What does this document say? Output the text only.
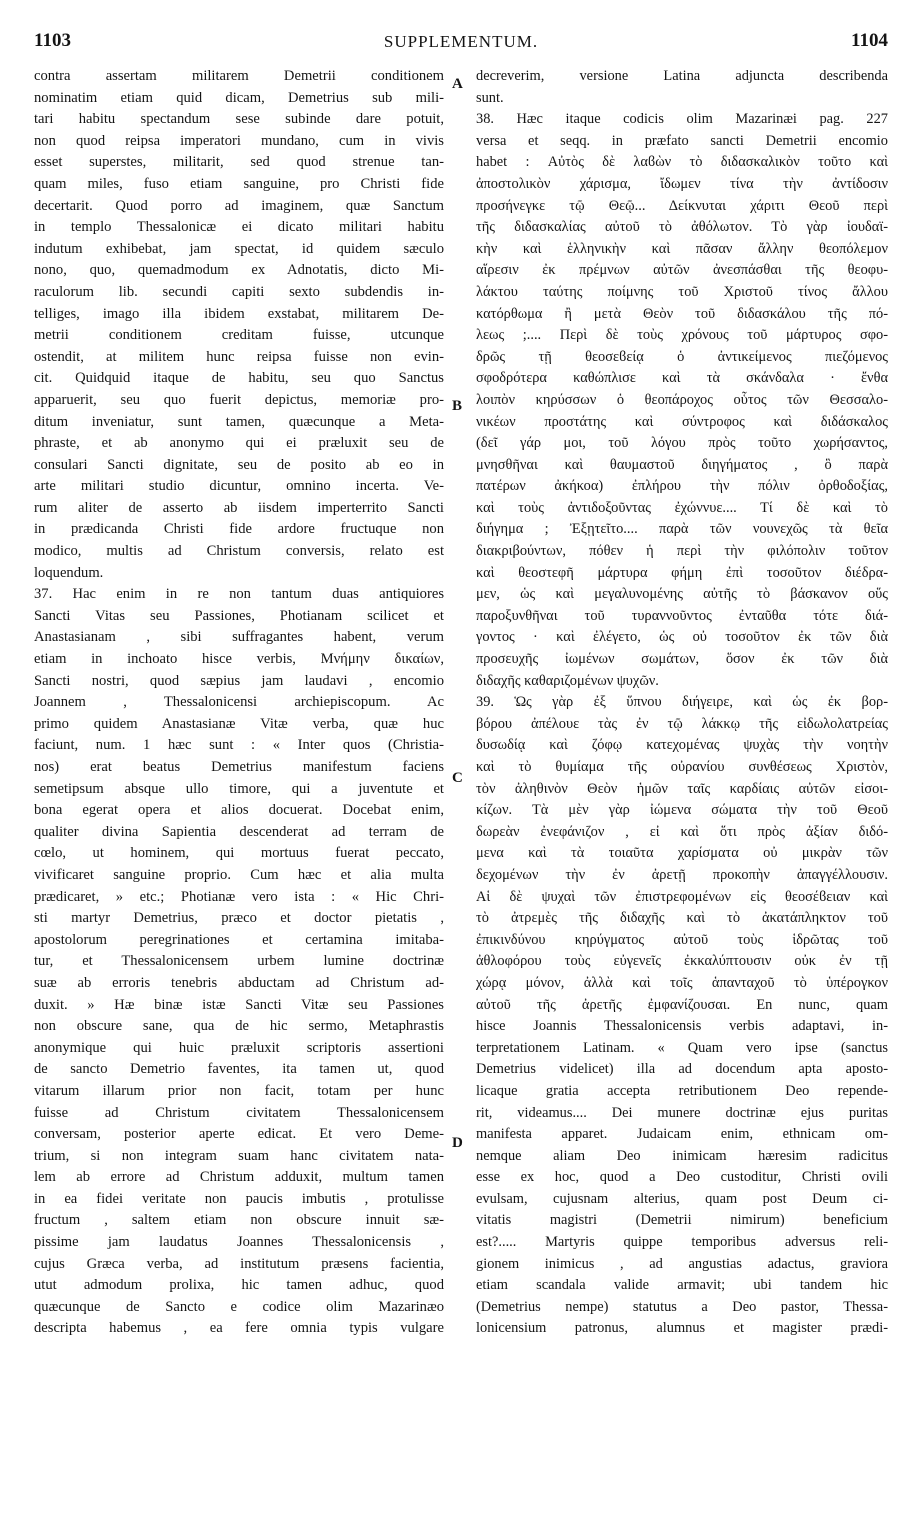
1103	SUPPLEMENTUM.	1104
contra assertam militarem Demetrii conditionem
nominatim etiam quid dicam, Demetrius sub mili-
tari habitu spectandum sese subinde dare potuit,
non quod reipsa imperatori mundano, cum in vivis
esset superstes, militarit, sed quod strenue tan-
quam miles, fuso etiam sanguine, pro Christi fide
decertarit. Quod porro ad imaginem, quæ Sanctum
in templo Thessalonicæ ei dicato militari habitu
indutum exhibebat, jam spectat, id quidem sæculo
nono, quo, quemadmodum ex Adnotatis, dicto Mi-
raculorum lib. secundi capiti sexto subdendis in-
telliges, imago illa ibidem exstabat, militarem De-
metrii conditionem creditam fuisse, utcunque
ostendit, at militem hunc reipsa fuisse non evin-
cit. Quidquid itaque de habitu, seu quo Sanctus
apparuerit, seu quo fuerit depictus, memoriæ pro-
ditum inveniatur, sunt tamen, quæcunque a Meta-
phraste, et ab anonymo qui ei præluxit seu de
consulari Sancti dignitate, seu de posito ab eo in
arte militari studio dicuntur, omnino incerta. Ve-
rum aliter de asserto ab iisdem imperterrito Sancti
in prædicanda Christi fide ardore fructuque non
modico, multis ad Christum conversis, relato est
loquendum.
37. Hac enim in re non tantum duas antiquiores
Sancti Vitas seu Passiones, Photianam scilicet et
Anastasianam , sibi suffragantes habent, verum
etiam in inchoato hisce verbis, Μνήμην δικαίων,
Sancti nostri, quod sæpius jam laudavi , encomio
Joannem , Thessalonicensi archiepiscopum. Ac
primo quidem Anastasianæ Vitæ verba, quæ huc
faciunt, num. 1 hæc sunt : « Inter quos (Christia-
nos) erat beatus Demetrius manifestum faciens
semetipsum absque ullo timore, qui a juventute et
bona egerat opera et alios docuerat. Docebat enim,
qualiter divina Sapientia descenderat ad terram de
cœlo, ut hominem, qui mortuus fuerat peccato,
vivificaret sanguine proprio. Cum hæc et alia multa
prædicaret, » etc.; Photianæ vero ista : « Hic Chri-
sti martyr Demetrius, præco et doctor pietatis ,
apostolorum peregrinationes et certamina imitaba-
tur, et Thessalonicensem urbem lumine doctrinæ
suæ ab erroris tenebris abductam ad Christum ad-
duxit. » Hæ binæ istæ Sancti Vitæ seu Passiones
non obscure sane, qua de hic sermo, Metaphrastis
anonymique qui huic præluxit scriptoris assertioni
de sancto Demetrio faventes, ita tamen ut, quod
vitarum illarum prior non facit, totam per hunc
fuisse ad Christum civitatem Thessalonicensem
conversam, posterior aperte edicat. Et vero Deme-
trium, si non integram suam hanc civitatem nata-
lem ab errore ad Christum adduxit, multum tamen
in ea fidei veritate non paucis imbutis , protulisse
fructum , saltem etiam non obscure innuit sæ-
pissime jam laudatus Joannes Thessalonicensis ,
cujus Græca verba, ad institutum præsens facientia,
utut admodum prolixa, hic tamen adhuc, quod
quæcunque de Sancto e codice olim Mazarinæo
descripta habemus , ea fere omnia typis vulgare
A
B
C
D
decreverim, versione Latina adjuncta describenda
sunt.
38. Hæc itaque codicis olim Mazarinæi pag. 227
versa et seqq. in præfato sancti Demetrii encomio
habet : Αὐτὸς δὲ λαϐὼν τὸ διδασκαλικὸν τοῦτο καὶ
ἀποστολικὸν χάρισμα, ἴδωμεν τίνα τὴν ἀντίδοσιν
προσήνεγκε τῷ Θεῷ... Δείκνυται χάριτι Θεοῦ περὶ
τῆς διδασκαλίας αὐτοῦ τὸ ἀθόλωτον. Τὸ γὰρ ἰουδαϊ-
κὴν καὶ ἑλληνικὴν καὶ πᾶσαν ἄλλην θεοπόλεμον
αἵρεσιν ἐκ πρέμνων αὐτῶν ἀνεσπάσθαι τῆς θεοφυ-
λάκτου ταύτης ποίμνης τοῦ Χριστοῦ τίνος ἄλλου
κατόρθωμα ἢ μετὰ Θεὸν τοῦ διδασκάλου τῆς πό-
λεως ;.... Περὶ δὲ τοὺς χρόνους τοῦ μάρτυρος σφο-
δρῶς τῇ θεοσεϐείᾳ ὁ ἀντικείμενος πιεζόμενος
σφοδρότερα καθώπλισε καὶ τὰ σκάνδαλα · ἔνθα
λοιπὸν κηρύσσων ὁ θεοπάροχος οὗτος τῶν Θεσσαλο-
νικέων προστάτης καὶ σύντροφος καὶ διδάσκαλος
(δεῖ γάρ μοι, τοῦ λόγου πρὸς τοῦτο χωρήσαντος,
μνησθῆναι καὶ θαυμαστοῦ διηγήματος , ὃ παρὰ
πατέρων ἀκήκοα) ἐπλήρου τὴν πόλιν ὀρθοδοξίας,
καὶ τοὺς ἀντιδοξοῦντας ἐχώννυε.... Τί δὲ καὶ τὸ
διήγημα ; Ἐξῃτεῖτο.... παρὰ τῶν νουνεχῶς τὰ θεῖα
διακριβούντων, πόθεν ἡ περὶ τὴν φιλόπολιν τοῦτον
καὶ θεοστεφῆ μάρτυρα φήμη ἐπὶ τοσοῦτον διέδρα-
μεν, ὡς καὶ μεγαλυνομένης αὐτῆς τὸ βάσκανον οὕς
παροξυνθῆναι τοῦ τυραννοῦντος ἐνταῦθα τότε διά-
γοντος · καὶ ἐλέγετο, ὡς οὐ τοσοῦτον ἐκ τῶν διὰ
προσευχῆς ἰωμένων σωμάτων, ὅσον ἐκ τῶν διὰ
διδαχῆς καθαριζομένων ψυχῶν.
39. Ὡς γὰρ ἐξ ὕπνου διήγειρε, καὶ ὡς ἐκ βορ-
βόρου ἀπέλουε τὰς ἐν τῷ λάκκῳ τῆς εἰδωλολατρείας
δυσωδίᾳ καὶ ζόφῳ κατεχομένας ψυχὰς τὴν νοητὴν
καὶ τὸ θυμίαμα τῆς οὐρανίου συνθέσεως Χριστὸν,
τὸν ἀληθινὸν Θεὸν ἡμῶν ταῖς καρδίαις αὐτῶν εἰσοι-
κίζων. Τὰ μὲν γὰρ ἰώμενα σώματα τὴν τοῦ Θεοῦ
δωρεὰν ἐνεφάνιζον , εἰ καὶ ὅτι πρὸς ἀξίαν διδό-
μενα καὶ τὰ τοιαῦτα χαρίσματα οὐ μικρὰν τῶν
δεχομένων τὴν ἐν ἀρετῇ προκοπὴν ἀπαγγέλλουσιν.
Αἱ δὲ ψυχαὶ τῶν ἐπιστρεφομένων εἰς θεοσέϐειαν καὶ
τὸ ἀτρεμὲς τῆς διδαχῆς καὶ τὸ ἀκατάπληκτον τοῦ
ἐπικινδύνου κηρύγματος αὐτοῦ τοὺς ἱδρῶτας τοῦ
ἀθλοφόρου τοὺς εὐγενεῖς ἐκκαλύπτουσιν οὐκ ἐν τῇ
χώρᾳ μόνον, ἀλλὰ καὶ τοῖς ἁπανταχοῦ τὸ ὑπέρογκον
αὐτοῦ τῆς ἀρετῆς ἐμφανίζουσαι. En nunc, quam
hisce Joannis Thessalonicensis verbis adaptavi, in-
terpretationem Latinam. « Quam vero ipse (sanctus
Demetrius videlicet) illa ad docendum apta aposto-
licaque gratia accepta retributionem Deo repende-
rit, videamus.... Dei munere doctrinæ ejus puritas
manifesta apparet. Judaicam enim, ethnicam om-
nemque aliam Deo inimicam hæresim radicitus
esse ex hoc, quod a Deo custoditur, Christi ovili
evulsam, cujusnam alterius, quam post Deum ci-
vitatis magistri (Demetrii nimirum) beneficium
est?..... Martyris quippe temporibus adversus reli-
gionem inimicus , ad angustias adactus, graviora
etiam scandala valide armavit; ubi tandem hic
(Demetrius nempe) statutus a Deo pastor, Thessa-
lonicensium patronus, alumnus et magister prædi-
